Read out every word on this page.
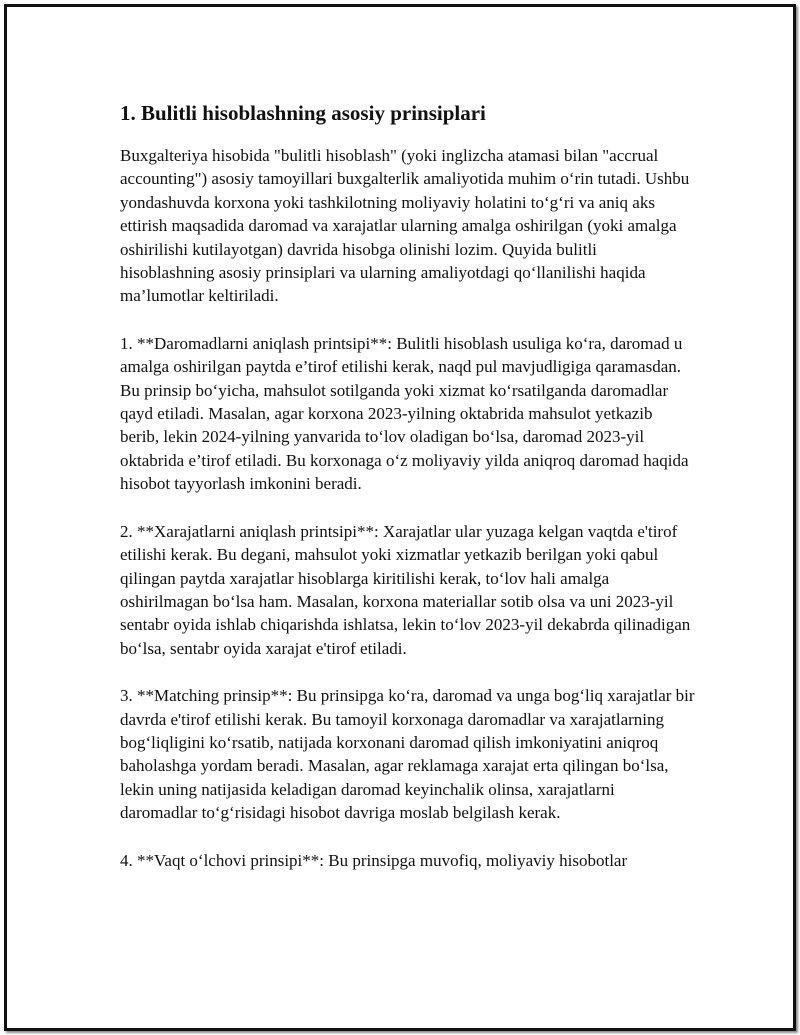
1. Bulitli hisoblashning asosiy prinsiplari

Buxgalteriya hisobida "bulitli hisoblash" (yoki inglizcha atamasi bilan "accrual accounting") asosiy tamoyillari buxgalterlik amaliyotida muhim o‘rin tutadi. Ushbu yondashuvda korxona yoki tashkilotning moliyaviy holatini to‘g‘ri va aniq aks ettirish maqsadida daromad va xarajatlar ularning amalga oshirilgan (yoki amalga oshirilishi kutilayotgan) davrida hisobga olinishi lozim. Quyida bulitli hisoblashning asosiy prinsiplari va ularning amaliyotdagi qo‘llanilishi haqida ma’lumotlar keltiriladi.

1. **Daromadlarni aniqlash printsipi**: Bulitli hisoblash usuliga ko‘ra, daromad u amalga oshirilgan paytda e’tirof etilishi kerak, naqd pul mavjudligiga qaramasdan. Bu prinsip bo‘yicha, mahsulot sotilganda yoki xizmat ko‘rsatilganda daromadlar qayd etiladi. Masalan, agar korxona 2023-yilning oktabrida mahsulot yetkazib berib, lekin 2024-yilning yanvarida to‘lov oladigan bo‘lsa, daromad 2023-yil oktabrida e’tirof etiladi. Bu korxonaga o‘z moliyaviy yilda aniqroq daromad haqida hisobot tayyorlash imkonini beradi.

2. **Xarajatlarni aniqlash printsipi**: Xarajatlar ular yuzaga kelgan vaqtda e'tirof etilishi kerak. Bu degani, mahsulot yoki xizmatlar yetkazib berilgan yoki qabul qilingan paytda xarajatlar hisoblarga kiritilishi kerak, to‘lov hali amalga oshirilmagan bo‘lsa ham. Masalan, korxona materiallar sotib olsa va uni 2023-yil sentabr oyida ishlab chiqarishda ishlatsa, lekin to‘lov 2023-yil dekabrda qilinadigan bo‘lsa, sentabr oyida xarajat e'tirof etiladi.

3. **Matching prinsip**: Bu prinsipga ko‘ra, daromad va unga bog‘liq xarajatlar bir davrda e'tirof etilishi kerak. Bu tamoyil korxonaga daromadlar va xarajatlarning bog‘liqligini ko‘rsatib, natijada korxonani daromad qilish imkoniyatini aniqroq baholashga yordam beradi. Masalan, agar reklamaga xarajat erta qilingan bo‘lsa, lekin uning natijasida keladigan daromad keyinchalik olinsa, xarajatlarni daromadlar to‘g‘risidagi hisobot davriga moslab belgilash kerak.

4. **Vaqt o‘lchovi prinsipi**: Bu prinsipga muvofiq, moliyaviy hisobotlar
